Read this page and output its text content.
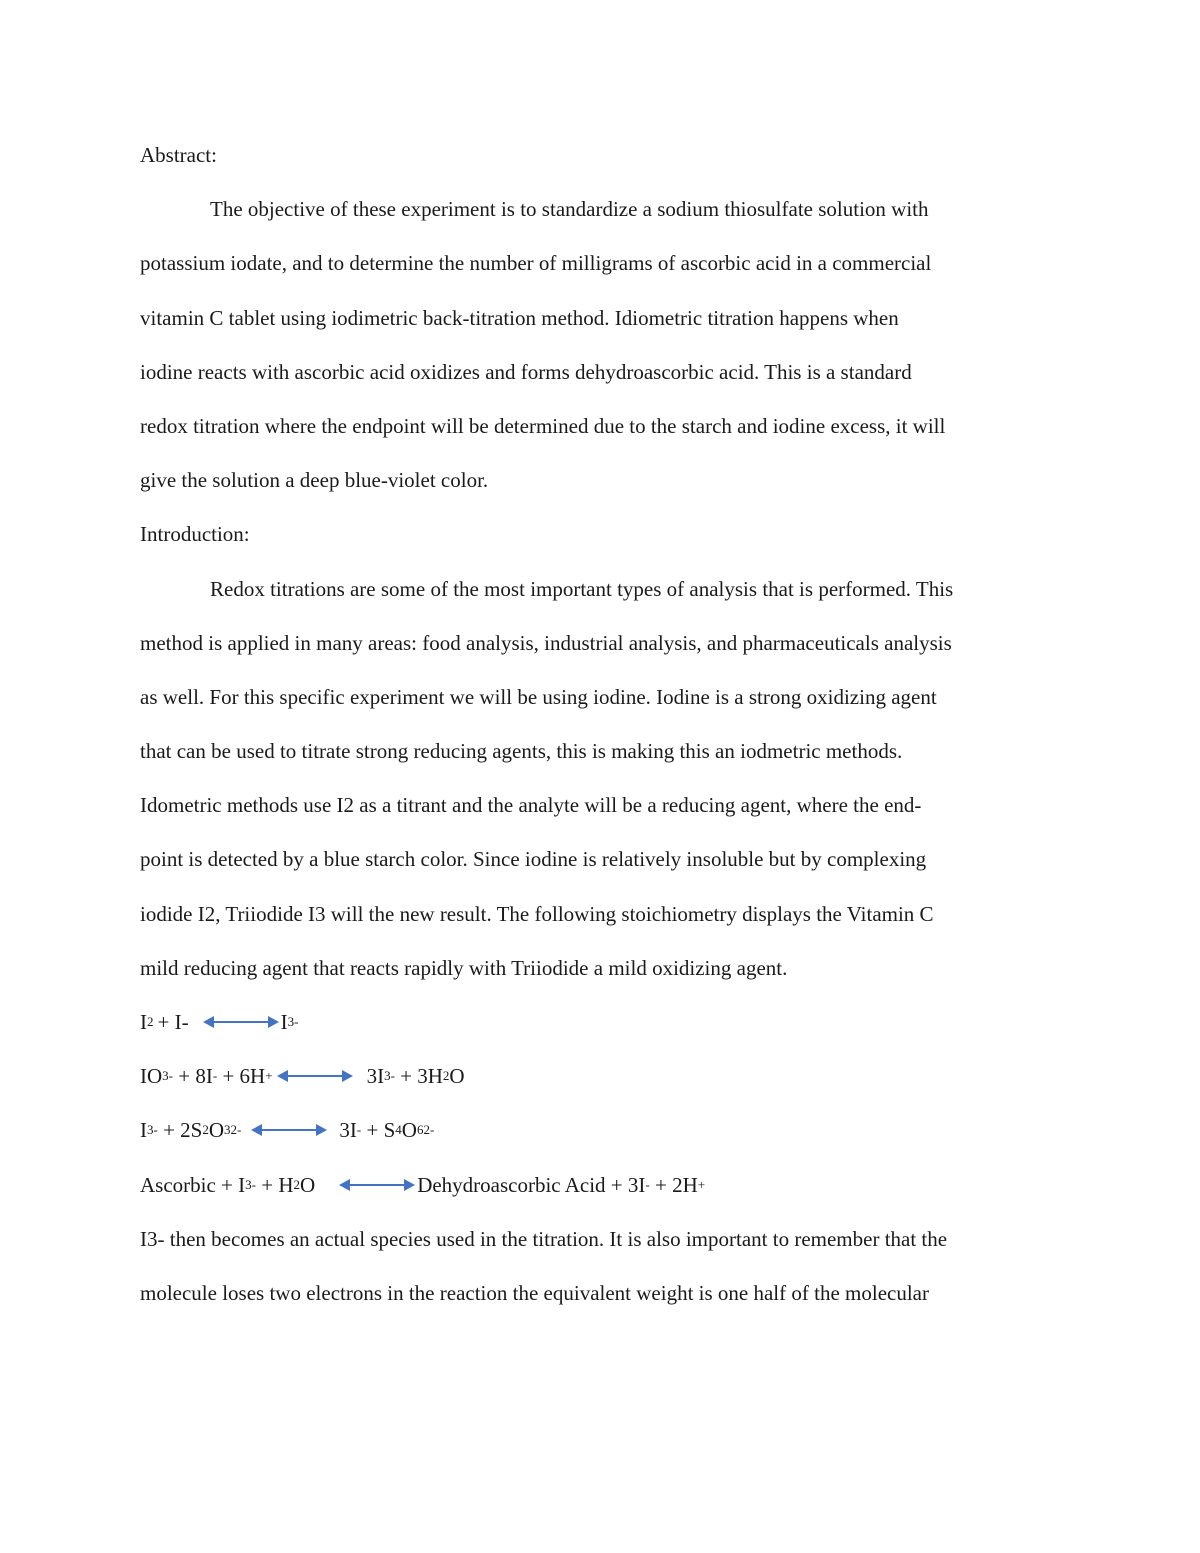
Abstract:
The objective of these experiment is to standardize a sodium thiosulfate solution with
potassium iodate, and to determine the number of milligrams of ascorbic acid in a commercial
vitamin C tablet using iodimetric back-titration method. Idiometric titration happens when
iodine reacts with ascorbic acid oxidizes and forms dehydroascorbic acid. This is a standard
redox titration where the endpoint will be determined due to the starch and iodine excess, it will
give the solution a deep blue-violet color.
Introduction:
Redox titrations are some of the most important types of analysis that is performed. This
method is applied in many areas: food analysis, industrial analysis, and pharmaceuticals analysis
as well. For this specific experiment we will be using iodine. Iodine is a strong oxidizing agent
that can be used to titrate strong reducing agents, this is making this an iodmetric methods.
Idometric methods use I2 as a titrant and the analyte will be a reducing agent, where the end-
point is detected by a blue starch color. Since iodine is relatively insoluble but by complexing
iodide I2, Triiodide I3 will the new result. The following stoichiometry displays the Vitamin C
mild reducing agent that reacts rapidly with Triiodide a mild oxidizing agent.
I 2 + I-	I 3-
IO 3 - + 8I - + 6H +	3I 3 - + 3H 2 O
I 3 - + 2S 2 O 3 2-	3I - + S 4 O 6 2-
Ascorbic + I 3 - + H 2 O	Dehydroascorbic Acid + 3I - + 2H +
I3- then becomes an actual species used in the titration. It is also important to remember that the
molecule loses two electrons in the reaction the equivalent weight is one half of the molecular
